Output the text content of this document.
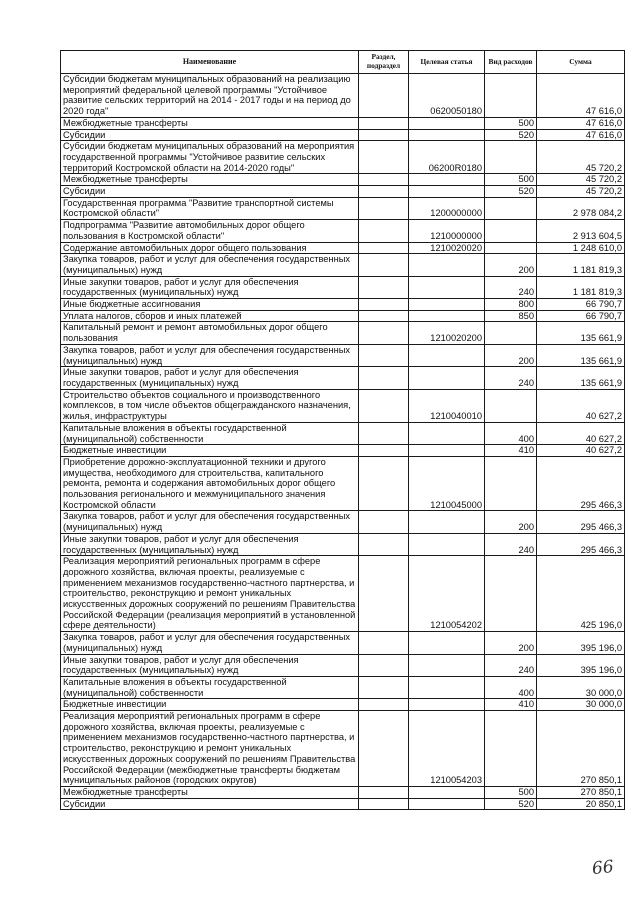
Наименование	Раздел, подраздел	Целевая статья	Вид расходов	Сумма
Субсидии бюджетам муниципальных образований на реализацию мероприятий федеральной целевой программы "Устойчивое развитие сельских территорий на 2014 - 2017 годы и на период до 2020 года"		0620050180		47 616,0
Межбюджетные трансферты			500	47 616,0
Субсидии			520	47 616,0
Субсидии бюджетам муниципальных образований на мероприятия государственной программы "Устойчивое развитие сельских территорий Костромской области на 2014-2020 годы"		06200R0180		45 720,2
Межбюджетные трансферты			500	45 720,2
Субсидии			520	45 720,2
Государственная программа "Развитие транспортной системы Костромской области"		1200000000		2 978 084,2
Подпрограмма "Развитие автомобильных дорог общего пользования в Костромской области"		1210000000		2 913 604,5
Содержание автомобильных дорог общего пользования		1210020020		1 248 610,0
Закупка товаров, работ и услуг для обеспечения государственных (муниципальных) нужд			200	1 181 819,3
Иные закупки товаров, работ и услуг для обеспечения государственных (муниципальных) нужд			240	1 181 819,3
Иные бюджетные ассигнования			800	66 790,7
Уплата налогов, сборов и иных платежей			850	66 790,7
Капитальный ремонт и ремонт автомобильных дорог общего пользования		1210020200		135 661,9
Закупка товаров, работ и услуг для обеспечения государственных (муниципальных) нужд			200	135 661,9
Иные закупки товаров, работ и услуг для обеспечения государственных (муниципальных) нужд			240	135 661,9
Строительство объектов социального и производственного комплексов, в том числе объектов общегражданского назначения, жилья, инфраструктуры		1210040010		40 627,2
Капитальные вложения в объекты государственной (муниципальной) собственности			400	40 627,2
Бюджетные инвестиции			410	40 627,2
Приобретение дорожно-эксплуатационной техники и другого имущества, необходимого для строительства, капитального ремонта, ремонта и содержания автомобильных дорог общего пользования регионального и межмуниципального значения Костромской области		1210045000		295 466,3
Закупка товаров, работ и услуг для обеспечения государственных (муниципальных) нужд			200	295 466,3
Иные закупки товаров, работ и услуг для обеспечения государственных (муниципальных) нужд			240	295 466,3
Реализация мероприятий региональных программ в сфере дорожного хозяйства, включая проекты, реализуемые с применением механизмов государственно-частного партнерства, и строительство, реконструкцию и ремонт уникальных искусственных дорожных сооружений по решениям Правительства Российской Федерации (реализация мероприятий в установленной сфере деятельности)		1210054202		425 196,0
Закупка товаров, работ и услуг для обеспечения государственных (муниципальных) нужд			200	395 196,0
Иные закупки товаров, работ и услуг для обеспечения государственных (муниципальных) нужд			240	395 196,0
Капитальные вложения в объекты государственной (муниципальной) собственности			400	30 000,0
Бюджетные инвестиции			410	30 000,0
Реализация мероприятий региональных программ в сфере дорожного хозяйства, включая проекты, реализуемые с применением механизмов государственно-частного партнерства, и строительство, реконструкцию и ремонт уникальных искусственных дорожных сооружений по решениям Правительства Российской Федерации (межбюджетные трансферты бюджетам муниципальных районов (городских округов)		1210054203		270 850,1
Межбюджетные трансферты			500	270 850,1
Субсидии			520	20 850,1
66
